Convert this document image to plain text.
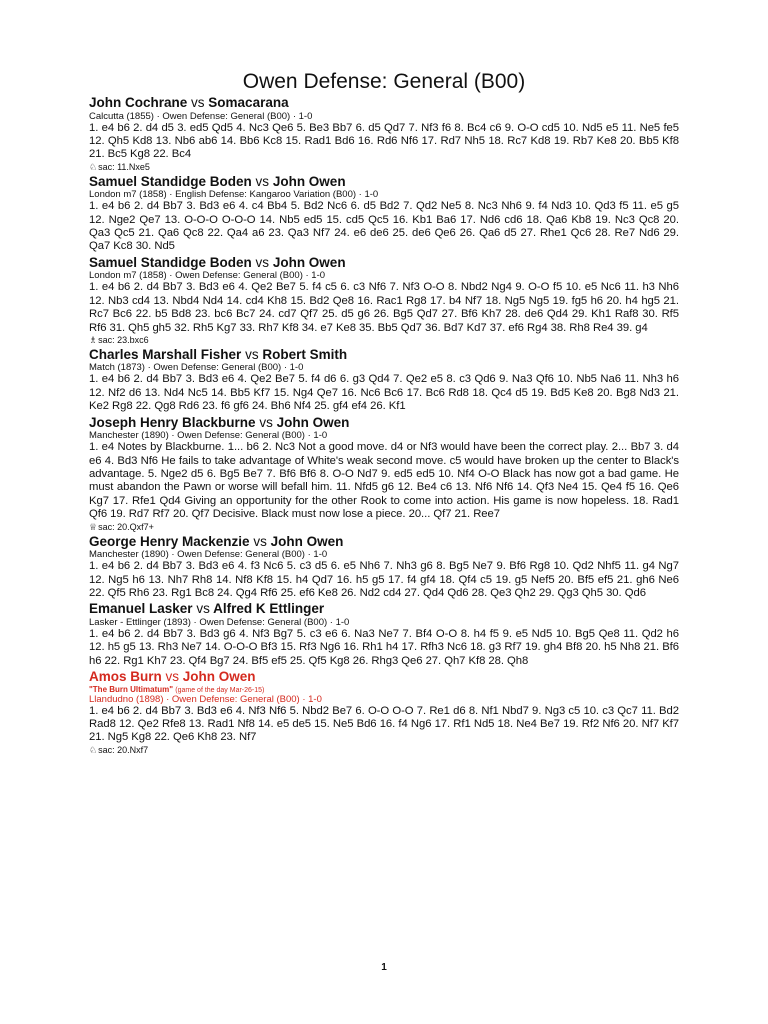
Owen Defense: General (B00)
John Cochrane vs Somacarana
Calcutta (1855) · Owen Defense: General (B00) · 1-0

1. e4 b6 2. d4 d5 3. ed5 Qd5 4. Nc3 Qe6 5. Be3 Bb7 6. d5 Qd7 7. Nf3 f6 8. Bc4 c6 9. O-O cd5 10. Nd5 e5 11. Ne5 fe5 12. Qh5 Kd8 13. Nb6 ab6 14. Bb6 Kc8 15. Rad1 Bd6 16. Rd6 Nf6 17. Rd7 Nh5 18. Rc7 Kd8 19. Rb7 Ke8 20. Bb5 Kf8 21. Bc5 Kg8 22. Bc4

♘sac: 11.Nxe5
Samuel Standidge Boden vs John Owen
London m7 (1858) · English Defense: Kangaroo Variation (B00) · 1-0

1. e4 b6 2. d4 Bb7 3. Bd3 e6 4. c4 Bb4 5. Bd2 Nc6 6. d5 Bd2 7. Qd2 Ne5 8. Nc3 Nh6 9. f4 Nd3 10. Qd3 f5 11. e5 g5 12. Nge2 Qe7 13. O-O-O O-O-O 14. Nb5 ed5 15. cd5 Qc5 16. Kb1 Ba6 17. Nd6 cd6 18. Qa6 Kb8 19. Nc3 Qc8 20. Qa3 Qc5 21. Qa6 Qc8 22. Qa4 a6 23. Qa3 Nf7 24. e6 de6 25. de6 Qe6 26. Qa6 d5 27. Rhe1 Qc6 28. Re7 Nd6 29. Qa7 Kc8 30. Nd5

Samuel Standidge Boden vs John Owen
London m7 (1858) · Owen Defense: General (B00) · 1-0

1. e4 b6 2. d4 Bb7 3. Bd3 e6 4. Qe2 Be7 5. f4 c5 6. c3 Nf6 7. Nf3 O-O 8. Nbd2 Ng4 9. O-O f5 10. e5 Nc6 11. h3 Nh6 12. Nb3 cd4 13. Nbd4 Nd4 14. cd4 Kh8 15. Bd2 Qe8 16. Rac1 Rg8 17. b4 Nf7 18. Ng5 Ng5 19. fg5 h6 20. h4 hg5 21. Rc7 Bc6 22. b5 Bd8 23. bc6 Bc7 24. cd7 Qf7 25. d5 g6 26. Bg5 Qd7 27. Bf6 Kh7 28. de6 Qd4 29. Kh1 Raf8 30. Rf5 Rf6 31. Qh5 gh5 32. Rh5 Kg7 33. Rh7 Kf8 34. e7 Ke8 35. Bb5 Qd7 36. Bd7 Kd7 37. ef6 Rg4 38. Rh8 Re4 39. g4

♗sac: 23.bxc6
Charles Marshall Fisher vs Robert Smith
Match (1873) · Owen Defense: General (B00) · 1-0

1. e4 b6 2. d4 Bb7 3. Bd3 e6 4. Qe2 Be7 5. f4 d6 6. g3 Qd4 7. Qe2 e5 8. c3 Qd6 9. Na3 Qf6 10. Nb5 Na6 11. Nh3 h6 12. Nf2 d6 13. Nd4 Nc5 14. Bb5 Kf7 15. Ng4 Qe7 16. Nc6 Bc6 17. Bc6 Rd8 18. Qc4 d5 19. Bd5 Ke8 20. Bg8 Nd3 21. Ke2 Rg8 22. Qg8 Rd6 23. f6 gf6 24. Bh6 Nf4 25. gf4 ef4 26. Kf1

Joseph Henry Blackburne vs John Owen
Manchester (1890) · Owen Defense: General (B00) · 1-0

1. e4 Notes by Blackburne. 1... b6 2. Nc3 Not a good move. d4 or Nf3 would have been the correct play. 2... Bb7 3. d4 e6 4. Bd3 Nf6 He fails to take advantage of White's weak second move. c5 would have broken up the center to Black's advantage. 5. Nge2 d5 6. Bg5 Be7 7. Bf6 Bf6 8. O-O Nd7 9. ed5 ed5 10. Nf4 O-O Black has now got a bad game. He must abandon the Pawn or worse will befall him. 11. Nfd5 g6 12. Be4 c6 13. Nf6 Nf6 14. Qf3 Ne4 15. Qe4 f5 16. Qe6 Kg7 17. Rfe1 Qd4 Giving an opportunity for the other Rook to come into action. His game is now hopeless. 18. Rad1 Qf6 19. Rd7 Rf7 20. Qf7 Decisive. Black must now lose a piece. 20... Qf7 21. Ree7

♕sac: 20.Qxf7+
George Henry Mackenzie vs John Owen
Manchester (1890) · Owen Defense: General (B00) · 1-0

1. e4 b6 2. d4 Bb7 3. Bd3 e6 4. f3 Nc6 5. c3 d5 6. e5 Nh6 7. Nh3 g6 8. Bg5 Ne7 9. Bf6 Rg8 10. Qd2 Nhf5 11. g4 Ng7 12. Ng5 h6 13. Nh7 Rh8 14. Nf8 Kf8 15. h4 Qd7 16. h5 g5 17. f4 gf4 18. Qf4 c5 19. g5 Nef5 20. Bf5 ef5 21. gh6 Ne6 22. Qf5 Rh6 23. Rg1 Bc8 24. Qg4 Rf6 25. ef6 Ke8 26. Nd2 cd4 27. Qd4 Qd6 28. Qe3 Qh2 29. Qg3 Qh5 30. Qd6

Emanuel Lasker vs Alfred K Ettlinger
Lasker - Ettlinger (1893) · Owen Defense: General (B00) · 1-0

1. e4 b6 2. d4 Bb7 3. Bd3 g6 4. Nf3 Bg7 5. c3 e6 6. Na3 Ne7 7. Bf4 O-O 8. h4 f5 9. e5 Nd5 10. Bg5 Qe8 11. Qd2 h6 12. h5 g5 13. Rh3 Ne7 14. O-O-O Bf3 15. Rf3 Ng6 16. Rh1 h4 17. Rfh3 Nc6 18. g3 Rf7 19. gh4 Bf8 20. h5 Nh8 21. Bf6 h6 22. Rg1 Kh7 23. Qf4 Bg7 24. Bf5 ef5 25. Qf5 Kg8 26. Rhg3 Qe6 27. Qh7 Kf8 28. Qh8

Amos Burn vs John Owen
"The Burn Ultimatum" (game of the day Mar-26-15)
Llandudno (1898) · Owen Defense: General (B00) · 1-0

1. e4 b6 2. d4 Bb7 3. Bd3 e6 4. Nf3 Nf6 5. Nbd2 Be7 6. O-O O-O 7. Re1 d6 8. Nf1 Nbd7 9. Ng3 c5 10. c3 Qc7 11. Bd2 Rad8 12. Qe2 Rfe8 13. Rad1 Nf8 14. e5 de5 15. Ne5 Bd6 16. f4 Ng6 17. Rf1 Nd5 18. Ne4 Be7 19. Rf2 Nf6 20. Nf7 Kf7 21. Ng5 Kg8 22. Qe6 Kh8 23. Nf7

♘sac: 20.Nxf7
1
